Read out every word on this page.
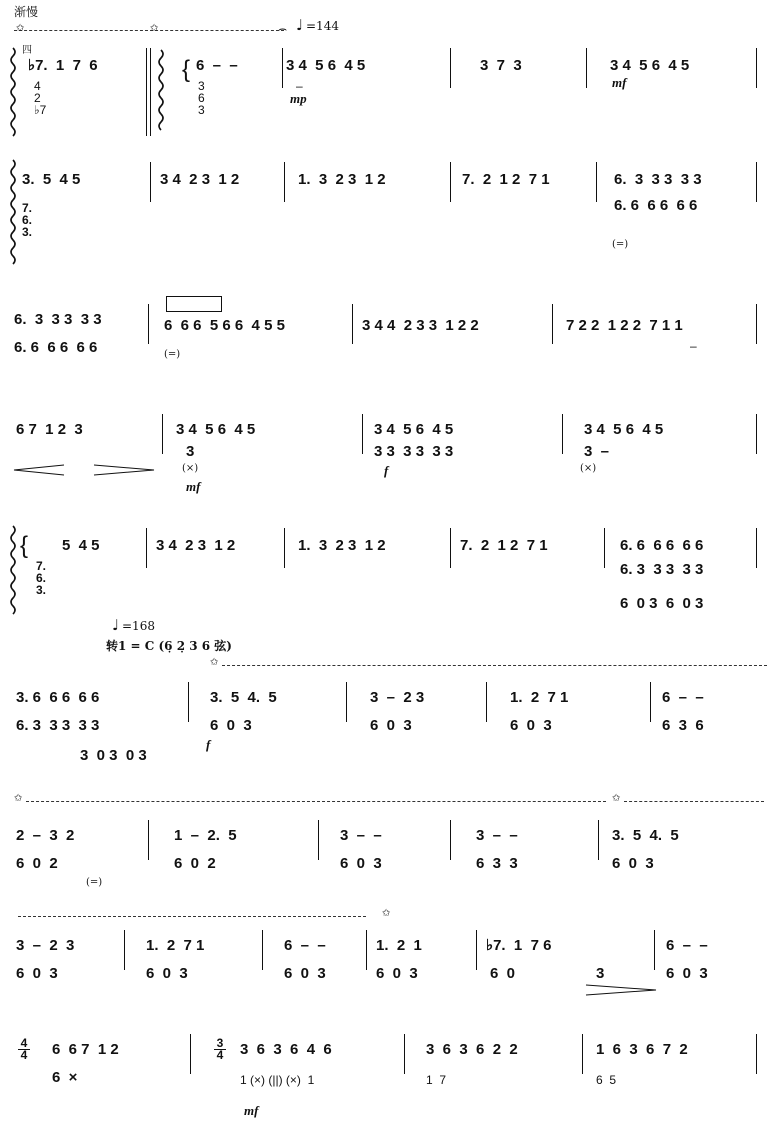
渐慢
✩	✩	⌢ ♩ =144
四
♭7.  1  7  6
4 2 ♭7
{ 6  –  –
3 6 3
3 4  5 6  4 5
–
mp
3  7  3	3 4  5 6  4 5
mf
3.  5  4 5
7. 6. 3.
3 4  2 3  1 2	1.  3  2 3  1 2	7.  2  1 2  7 1	6.  3  3 3  3 3
6. 6  6 6  6 6
(=)
6.  3  3 3  3 3
6. 6  6 6  6 6
6  6 6  5 6 6  4 5 5
(=)
3 4 4  2 3 3  1 2 2	7 2 2  1 2 2  7 1 1
–
6 7  1 2  3	3 4  5 6  4 5
3
(×)
mf
3 4  5 6  4 5
3 3  3 3  3 3
f
3 4  5 6  4 5
3  –
(×)
{ 5  4 5
7. 6. 3.
3 4  2 3  1 2	1.  3  2 3  1 2	7.  2  1 2  7 1	6. 6  6 6  6 6
6. 3  3 3  3 3
6  0 3  6  0 3
♩ =168
转1 = C (6̣ 2̣ 3 6 弦)
✩
3. 6  6 6  6 6
6. 3  3 3  3 3
3  0 3  0 3
3.  5  4.  5
6  0  3
f
3  –  2 3
6  0  3
1.  2  7 1
6  0  3
6  –  –
6  3  6
✩	✩
2  –  3  2
6  0  2
(=)
1  –  2.  5
6  0  2
3  –  –
6  0  3
3  –  –
6  3  3
3.  5  4.  5
6  0  3
✩
3  –  2  3
6  0  3
1.  2  7 1
6  0  3
6  –  –
6  0  3
1.  2  1
6  0  3
♭7.  1  7 6
6  0	3
6  –  –
6  0  3
4
4 6  6 7  1 2
6  ×
3
4 3  6  3  6  4  6
1 (×) (||) (×)  1
mf
3  6  3  6  2  2
1  7
1  6  3  6  7  2
6  5
